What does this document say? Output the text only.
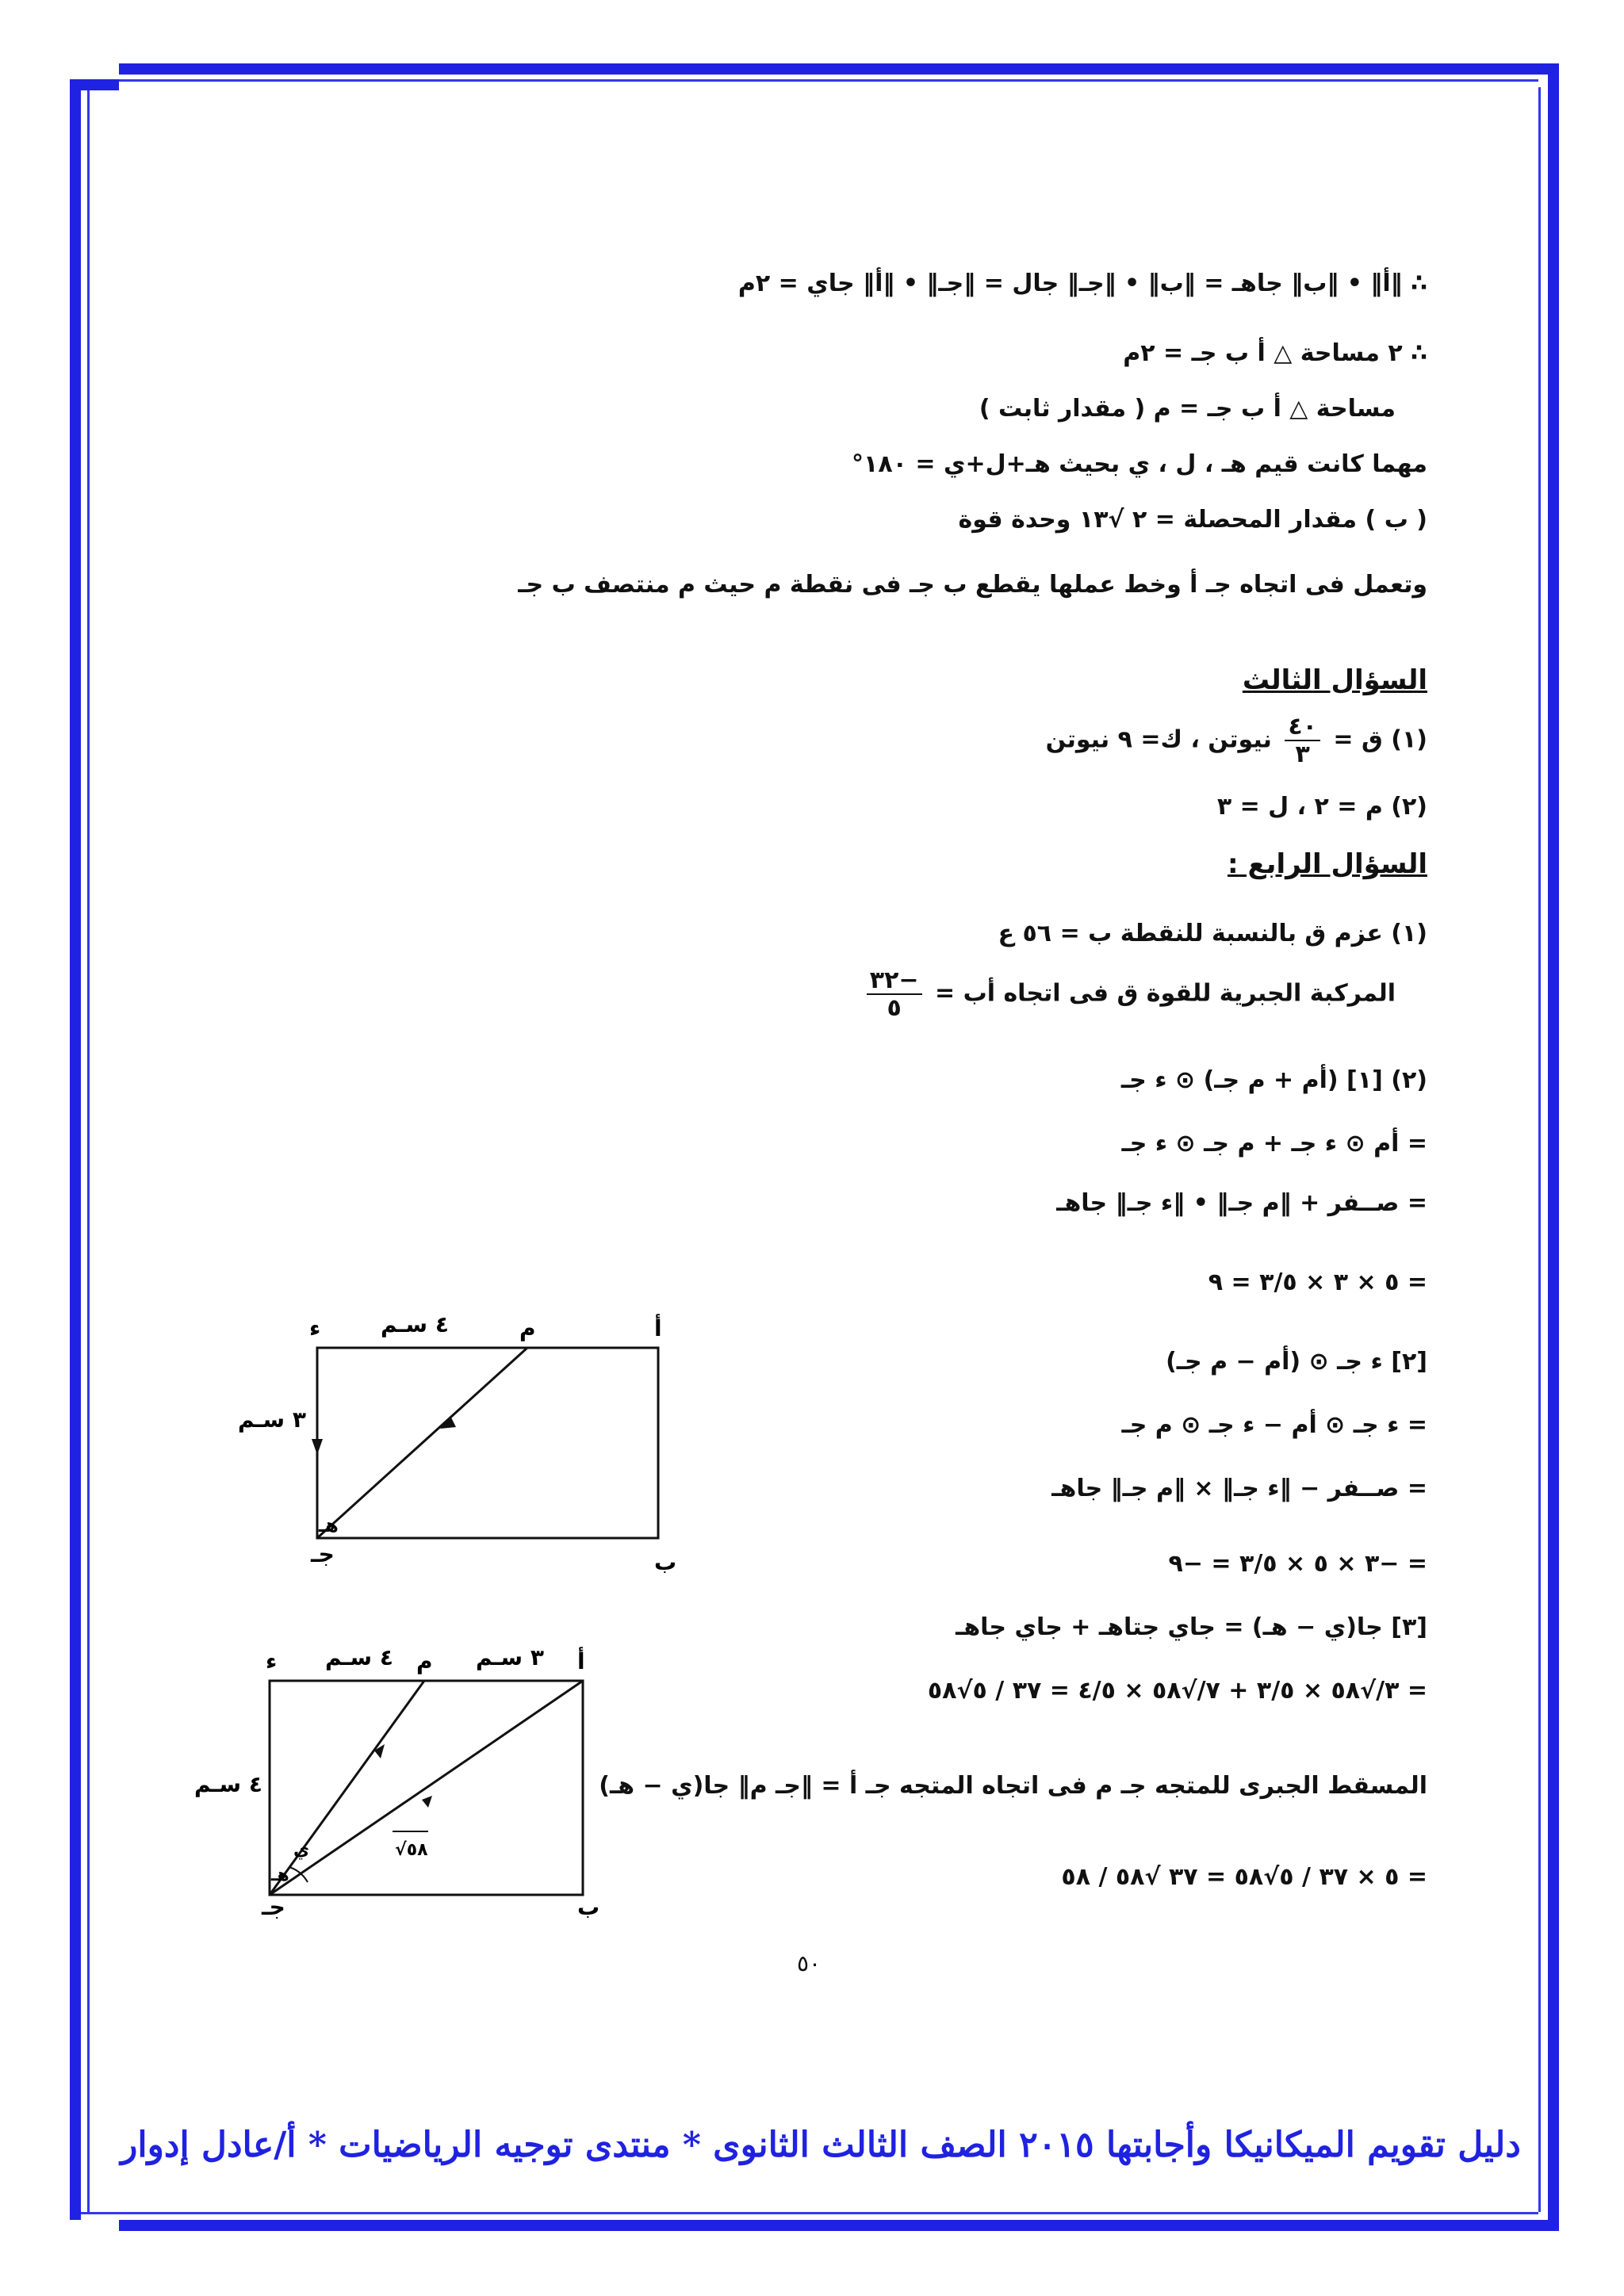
∴ ‖أ‖ • ‖ب‖ جاهـ = ‖ب‖ • ‖جـ‖ جال = ‖جـ‖ • ‖أ‖ جاي = ٢م
∴ ٢ مساحة △ أ ب جـ = ٢م
مساحة △ أ ب جـ = م ( مقدار ثابت )
مهما كانت قيم هـ ، ل ، ي بحيث هـ+ل+ي = ١٨٠°
( ب ) مقدار المحصلة = ٢ √١٣ وحدة قوة
وتعمل فى اتجاه جـ أ وخط عملها يقطع ب جـ فى نقطة م حيث م منتصف ب جـ
السؤال الثالث
(١) ق =
٤٠
٣
نيوتن ، ك= ٩ نيوتن
(٢) م = ٢ ، ل = ٣
السؤال الرابع :
(١) عزم ق بالنسبة للنقطة ب = ٥٦ ع
المركبة الجبرية للقوة ق فى اتجاه أب =
−٣٢
٥
(٢) [١] (أم + م جـ) ⊙ ء جـ
= أم ⊙ ء جـ + م جـ ⊙ ء جـ
= صــفر + ‖م جـ‖ • ‖ء جـ‖ جاهـ
= ٥ × ٣ × ٣/٥ = ٩
[٢] ء جـ ⊙ (أم − م جـ)
= ء جـ ⊙ أم − ء جـ ⊙ م جـ
= صــفر − ‖ء جـ‖ × ‖م جـ‖ جاهـ
= −٣ × ٥ × ٣/٥ = −٩
[٣] جا(ي − هـ) = جاي جتاهـ + جاي جاهـ
= ٣/√٥٨ × ٣/٥ + ٧/√٥٨ × ٤/٥ = ٣٧ / ٥√٥٨
المسقط الجبرى للمتجه جـ م فى اتجاه المتجه جـ أ = ‖جـ م‖ جا(ي − هـ)
= ٥ × ٣٧ / ٥√٥٨ = ٣٧ √٥٨ / ٥٨
أ
م
ء	٤ سـم
٣ سـم
هـ
جـ	ب
√٥٨
أ
م
ء	٣ سـم
٤ سـم
٤ سـم
ي
هـ
جـ	ب
٥٠
دليل تقويم الميكانيكا وأجابتها ٢٠١٥ الصف الثالث الثانوى * منتدى توجيه الرياضيات * أ/عادل إدوار
